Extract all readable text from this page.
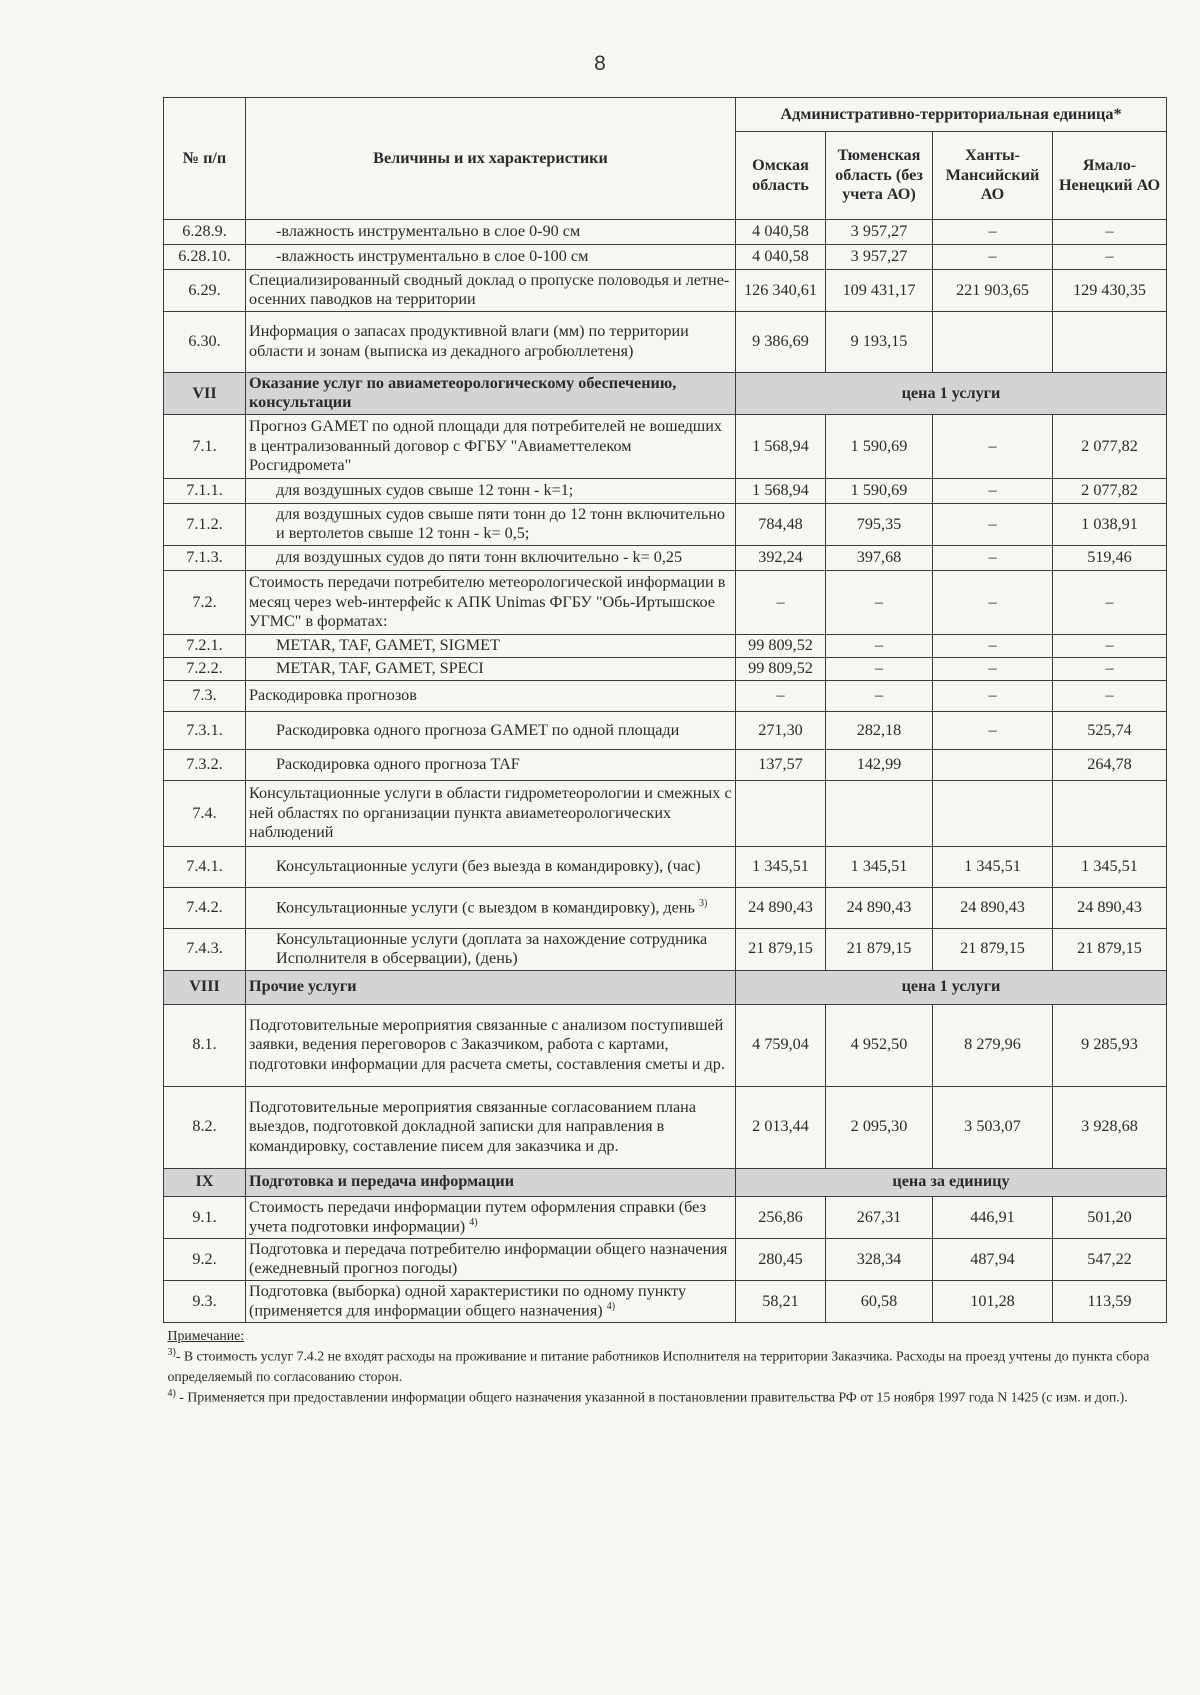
8
№ п/п	Величины и их характеристики	Административно-территориальная единица*			
		Омская область	Тюменская область (без учета АО)	Ханты-Мансийский АО	Ямало-Ненецкий АО
6.28.9.	-влажность инструментально в слое 0-90 см	4 040,58	3 957,27	–	–
6.28.10.	-влажность инструментально в слое 0-100 см	4 040,58	3 957,27	–	–
6.29.	Специализированный сводный доклад о пропуске половодья и летне-осенних паводков на территории	126 340,61	109 431,17	221 903,65	129 430,35
6.30.	Информация о запасах продуктивной влаги (мм) по территории области и зонам (выписка из декадного агробюллетеня)	9 386,69	9 193,15		
VII	Оказание услуг по авиаметеорологическому обеспечению, консультации	цена 1 услуги			
7.1.	Прогноз GAMET по одной площади для потребителей не вошедших в централизованный договор с ФГБУ "Авиаметтелеком Росгидромета"	1 568,94	1 590,69	–	2 077,82
7.1.1.	для воздушных судов свыше 12 тонн - k=1;	1 568,94	1 590,69	–	2 077,82
7.1.2.	для воздушных судов свыше пяти тонн до 12 тонн включительно и вертолетов свыше 12 тонн - k= 0,5;	784,48	795,35	–	1 038,91
7.1.3.	для воздушных судов до пяти тонн включительно - k= 0,25	392,24	397,68	–	519,46
7.2.	Стоимость передачи потребителю метеорологической информации в месяц через web-интерфейс к АПК Unimas ФГБУ "Обь-Иртышское УГМС" в форматах:	–	–	–	–
7.2.1.	METAR, TAF, GAMET, SIGMET	99 809,52	–	–	–
7.2.2.	METAR, TAF, GAMET, SPECI	99 809,52	–	–	–
7.3.	Раскодировка прогнозов	–	–	–	–
7.3.1.	Раскодировка одного прогноза GAMET по одной площади	271,30	282,18	–	525,74
7.3.2.	Раскодировка одного прогноза TAF	137,57	142,99		264,78
7.4.	Консультационные услуги в области гидрометеорологии и смежных с ней областях по организации пункта авиаметеорологических наблюдений				
7.4.1.	Консультационные услуги (без выезда в командировку), (час)	1 345,51	1 345,51	1 345,51	1 345,51
7.4.2.	Консультационные услуги (с выездом в командировку), день $^{3)}$	24 890,43	24 890,43	24 890,43	24 890,43
7.4.3.	Консультационные услуги (доплата за нахождение сотрудника Исполнителя в обсервации), (день)	21 879,15	21 879,15	21 879,15	21 879,15
VIII	Прочие услуги	цена 1 услуги			
8.1.	Подготовительные мероприятия связанные с анализом поступившей заявки, ведения переговоров с Заказчиком, работа с картами, подготовки информации для расчета сметы, составления сметы и др.	4 759,04	4 952,50	8 279,96	9 285,93
8.2.	Подготовительные мероприятия связанные согласованием плана выездов, подготовкой докладной записки для направления в командировку, составление писем для заказчика и др.	2 013,44	2 095,30	3 503,07	3 928,68
IX	Подготовка и передача информации	цена за единицу			
9.1.	Стоимость передачи информации путем оформления справки (без учета подготовки информации) $^{4)}$	256,86	267,31	446,91	501,20
9.2.	Подготовка и передача потребителю информации общего назначения (ежедневный прогноз погоды)	280,45	328,34	487,94	547,22
9.3.	Подготовка (выборка) одной характеристики по одному пункту (применяется для информации общего назначения) $^{4)}$	58,21	60,58	101,28	113,59

Примечание:
$^{3)}$- В стоимость услуг 7.4.2 не входят расходы на проживание и питание работников Исполнителя на территории Заказчика. Расходы на проезд учтены до пункта сбора определяемый по согласованию сторон.
$^{4)}$ - Применяется при предоставлении информации общего назначения указанной в постановлении правительства РФ от 15 ноября 1997 года N 1425 (с изм. и доп.).					
